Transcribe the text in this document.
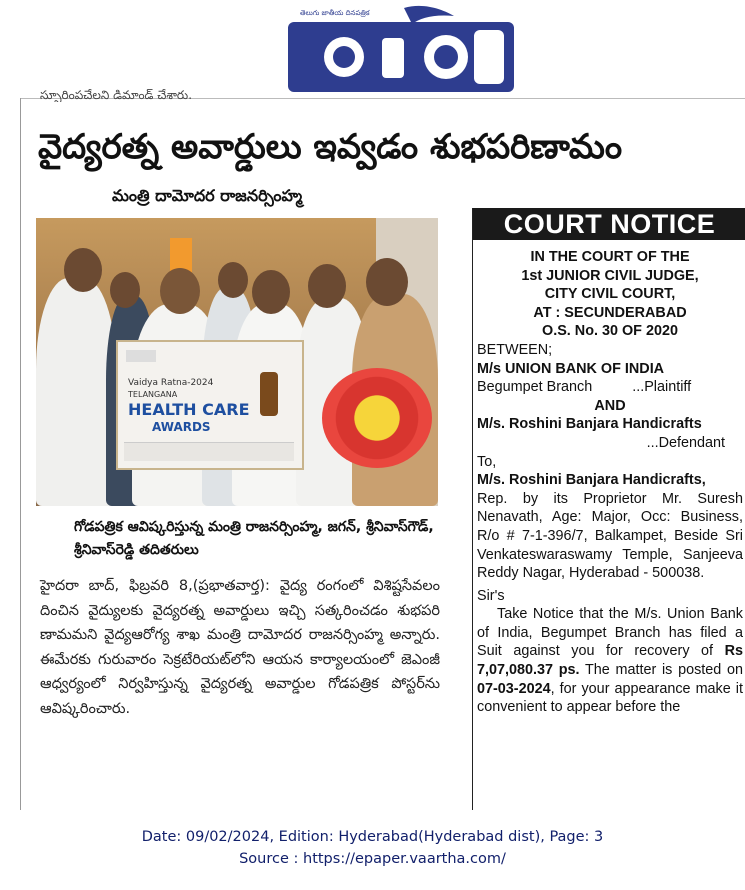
తెలుగు జాతీయ దినపత్రిక
స్ఫూరింపచేలని డిమాండ్ చేశారు.
వైద్యరత్న అవార్డులు ఇవ్వడం శుభపరిణామం
మంత్రి దామోదర రాజనర్సింహ్మ
Vaidya Ratna-2024
TELANGANA
HEALTH CARE
AWARDS
గోడపత్రిక ఆవిష్కరిస్తున్న మంత్రి రాజనర్సింహ్మ, జగన్, శ్రీనివాస్‌గౌడ్, శ్రీనివాస్‌రెడ్డి తదితరులు
హైదరా బాద్, ఫిబ్రవరి 8,(ప్రభాతవార్త): వైద్య రంగంలో విశిష్టసేవలం దించిన వైద్యులకు వైద్యరత్న అవార్డులు ఇచ్చి సత్కరించడం శుభపరి ణామమని వైద్యఆరోగ్య శాఖ మంత్రి దామోదర రాజనర్సింహ్మ అన్నారు. ఈమేరకు గురువారం సెక్రటేరియట్‌లోని ఆయన కార్యాలయంలో జెఎంజీ ఆధ్వర్యంలో నిర్వహిస్తున్న వైద్యరత్న అవార్డుల గోడపత్రిక పోస్టర్‌ను ఆవిష్కరించారు.
COURT NOTICE
IN THE COURT OF THE
1st JUNIOR CIVIL JUDGE,
CITY CIVIL COURT,
AT : SECUNDERABAD
O.S. No. 30 OF 2020
BETWEEN;
M/s UNION BANK OF INDIA
Begumpet Branch	...Plaintiff
AND
M/s. Roshini Banjara Handicrafts
...Defendant
To,
M/s. Roshini Banjara Handicrafts,
Rep. by its Proprietor Mr. Suresh Nenavath, Age: Major, Occ: Business, R/o # 7-1-396/7, Balkampet, Beside Sri Venkateswaraswamy Temple, Sanjeeva Reddy Nagar, Hyderabad - 500038.
Sir's
Take Notice that the M/s. Union Bank of India, Begumpet Branch has filed a Suit against you for recovery of Rs 7,07,080.37 ps. The matter is posted on 07-03-2024, for your appearance make it convenient to appear before the
Date: 09/02/2024, Edition: Hyderabad(Hyderabad dist), Page: 3
Source : https://epaper.vaartha.com/
